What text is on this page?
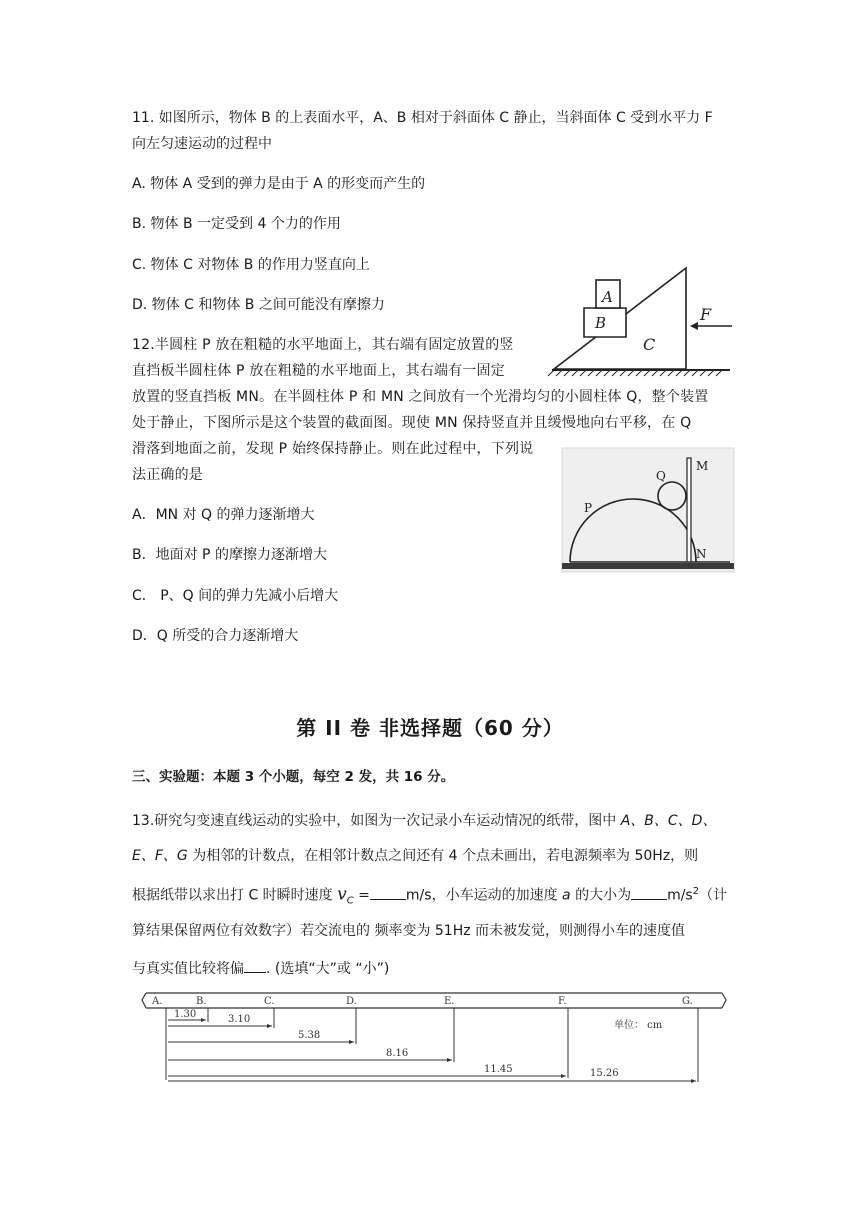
11. 如图所示，物体 B 的上表面水平，A、B 相对于斜面体 C 静止，当斜面体 C 受到水平力 F
向左匀速运动的过程中
A. 物体 A 受到的弹力是由于 A 的形变而产生的
B. 物体 B 一定受到 4 个力的作用
C. 物体 C 对物体 B 的作用力竖直向上
D. 物体 C 和物体 B 之间可能没有摩擦力	A
B
C
F
12.半圆柱 P 放在粗糙的水平地面上，其右端有固定放置的竖
直挡板半圆柱体 P 放在粗糙的水平地面上，其右端有一固定
放置的竖直挡板 MN。在半圆柱体 P 和 MN 之间放有一个光滑均匀的小圆柱体 Q，整个装置
处于静止，下图所示是这个装置的截面图。现使 MN 保持竖直并且缓慢地向右平移，在 Q
滑落到地面之前，发现 P 始终保持静止。则在此过程中，下列说
法正确的是
A．MN 对 Q 的弹力逐渐增大
B．地面对 P 的摩擦力逐渐增大
C． P、Q 间的弹力先减小后增大
D．Q 所受的合力逐渐增大
P
Q
M
N
第 II 卷 非选择题（60 分）
三、实验题：本题 3 个小题，每空 2 发，共 16 分。
13.研究匀变速直线运动的实验中，如图为一次记录小车运动情况的纸带，图中 A、B、C、D、
E、F、G 为相邻的计数点，在相邻计数点之间还有 4 个点未画出，若电源频率为 50Hz，则
根据纸带以求出打 C 时瞬时速度 $v_C$ =	m/s，小车运动的加速度 a 的大小为	$m/s^2$（计
算结果保留两位有效数字）若交流电的 频率变为 51Hz 而未被发觉，则测得小车的速度值
与真实值比较将偏 . (选填“大”或 “小”)
A.	B.	C.	D.	E.	F.	G.
1.30	3.10
5.38
8.16
11.45	15.26
单位： cm
